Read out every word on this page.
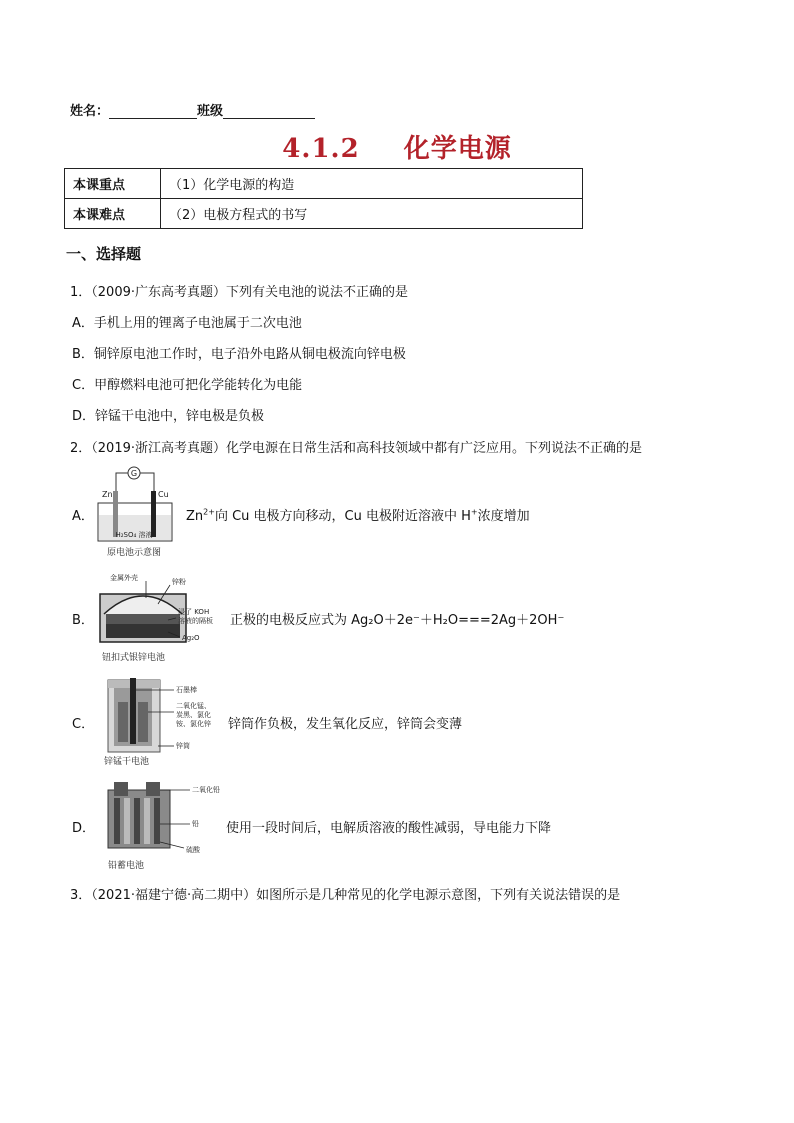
姓名：	班级
4.1.2 化学电源
本课重点	（1）化学电源的构造
本课难点	（2）电极方程式的书写
一、选择题
1．（2009·广东高考真题）下列有关电池的说法不正确的是
A．手机上用的锂离子电池属于二次电池
B．铜锌原电池工作时，电子沿外电路从铜电极流向锌电极
C．甲醇燃料电池可把化学能转化为电能
D．锌锰干电池中，锌电极是负极
2．（2019·浙江高考真题）化学电源在日常生活和高科技领域中都有广泛应用。下列说法不正确的是
A．
G
Zn	Cu
H₂SO₄ 溶液
原电池示意图
$Zn^{2+}$向 Cu 电极方向移动，Cu 电极附近溶液中 H+浓度增加
B．
金属外壳	锌粉
浸了 KOH
溶液的隔板
Ag₂O
钮扣式银锌电池
正极的电极反应式为 Ag₂O＋2e⁻＋H₂O===2Ag＋2OH⁻
C．
石墨棒
二氧化锰、
炭黑、氯化
铵、氯化锌
锌筒
锌锰干电池
锌筒作负极，发生氧化反应，锌筒会变薄
D．
二氧化铅
铅
硫酸
铅蓄电池
使用一段时间后，电解质溶液的酸性减弱，导电能力下降
3．（2021·福建宁德·高二期中）如图所示是几种常见的化学电源示意图，下列有关说法错误的是
